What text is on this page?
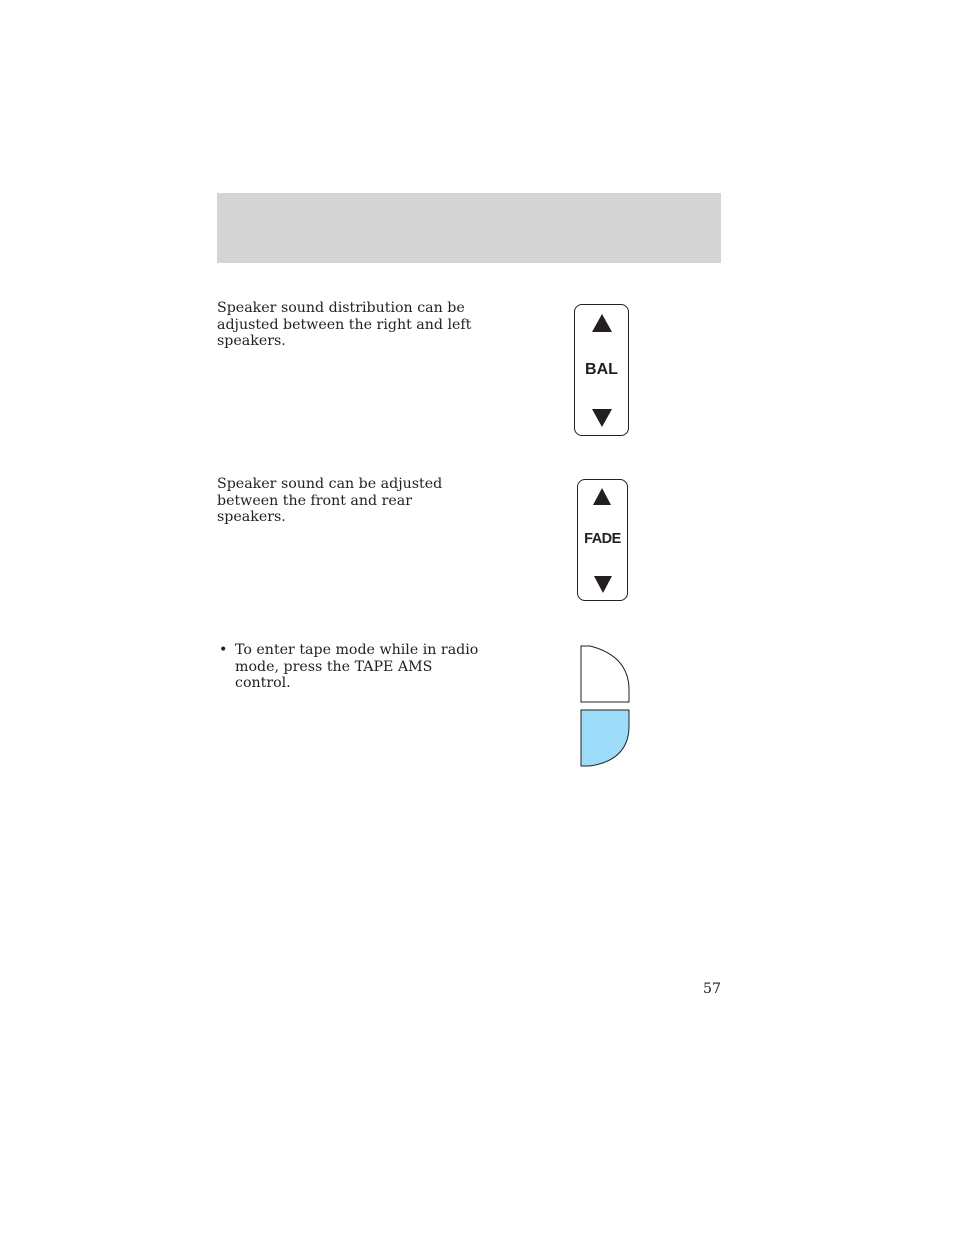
Speaker sound distribution can be adjusted between the right and left speakers.

BAL

Speaker sound can be adjusted between the front and rear speakers.

FADE
• To enter tape mode while in radio mode, press the TAPE AMS control.
57
